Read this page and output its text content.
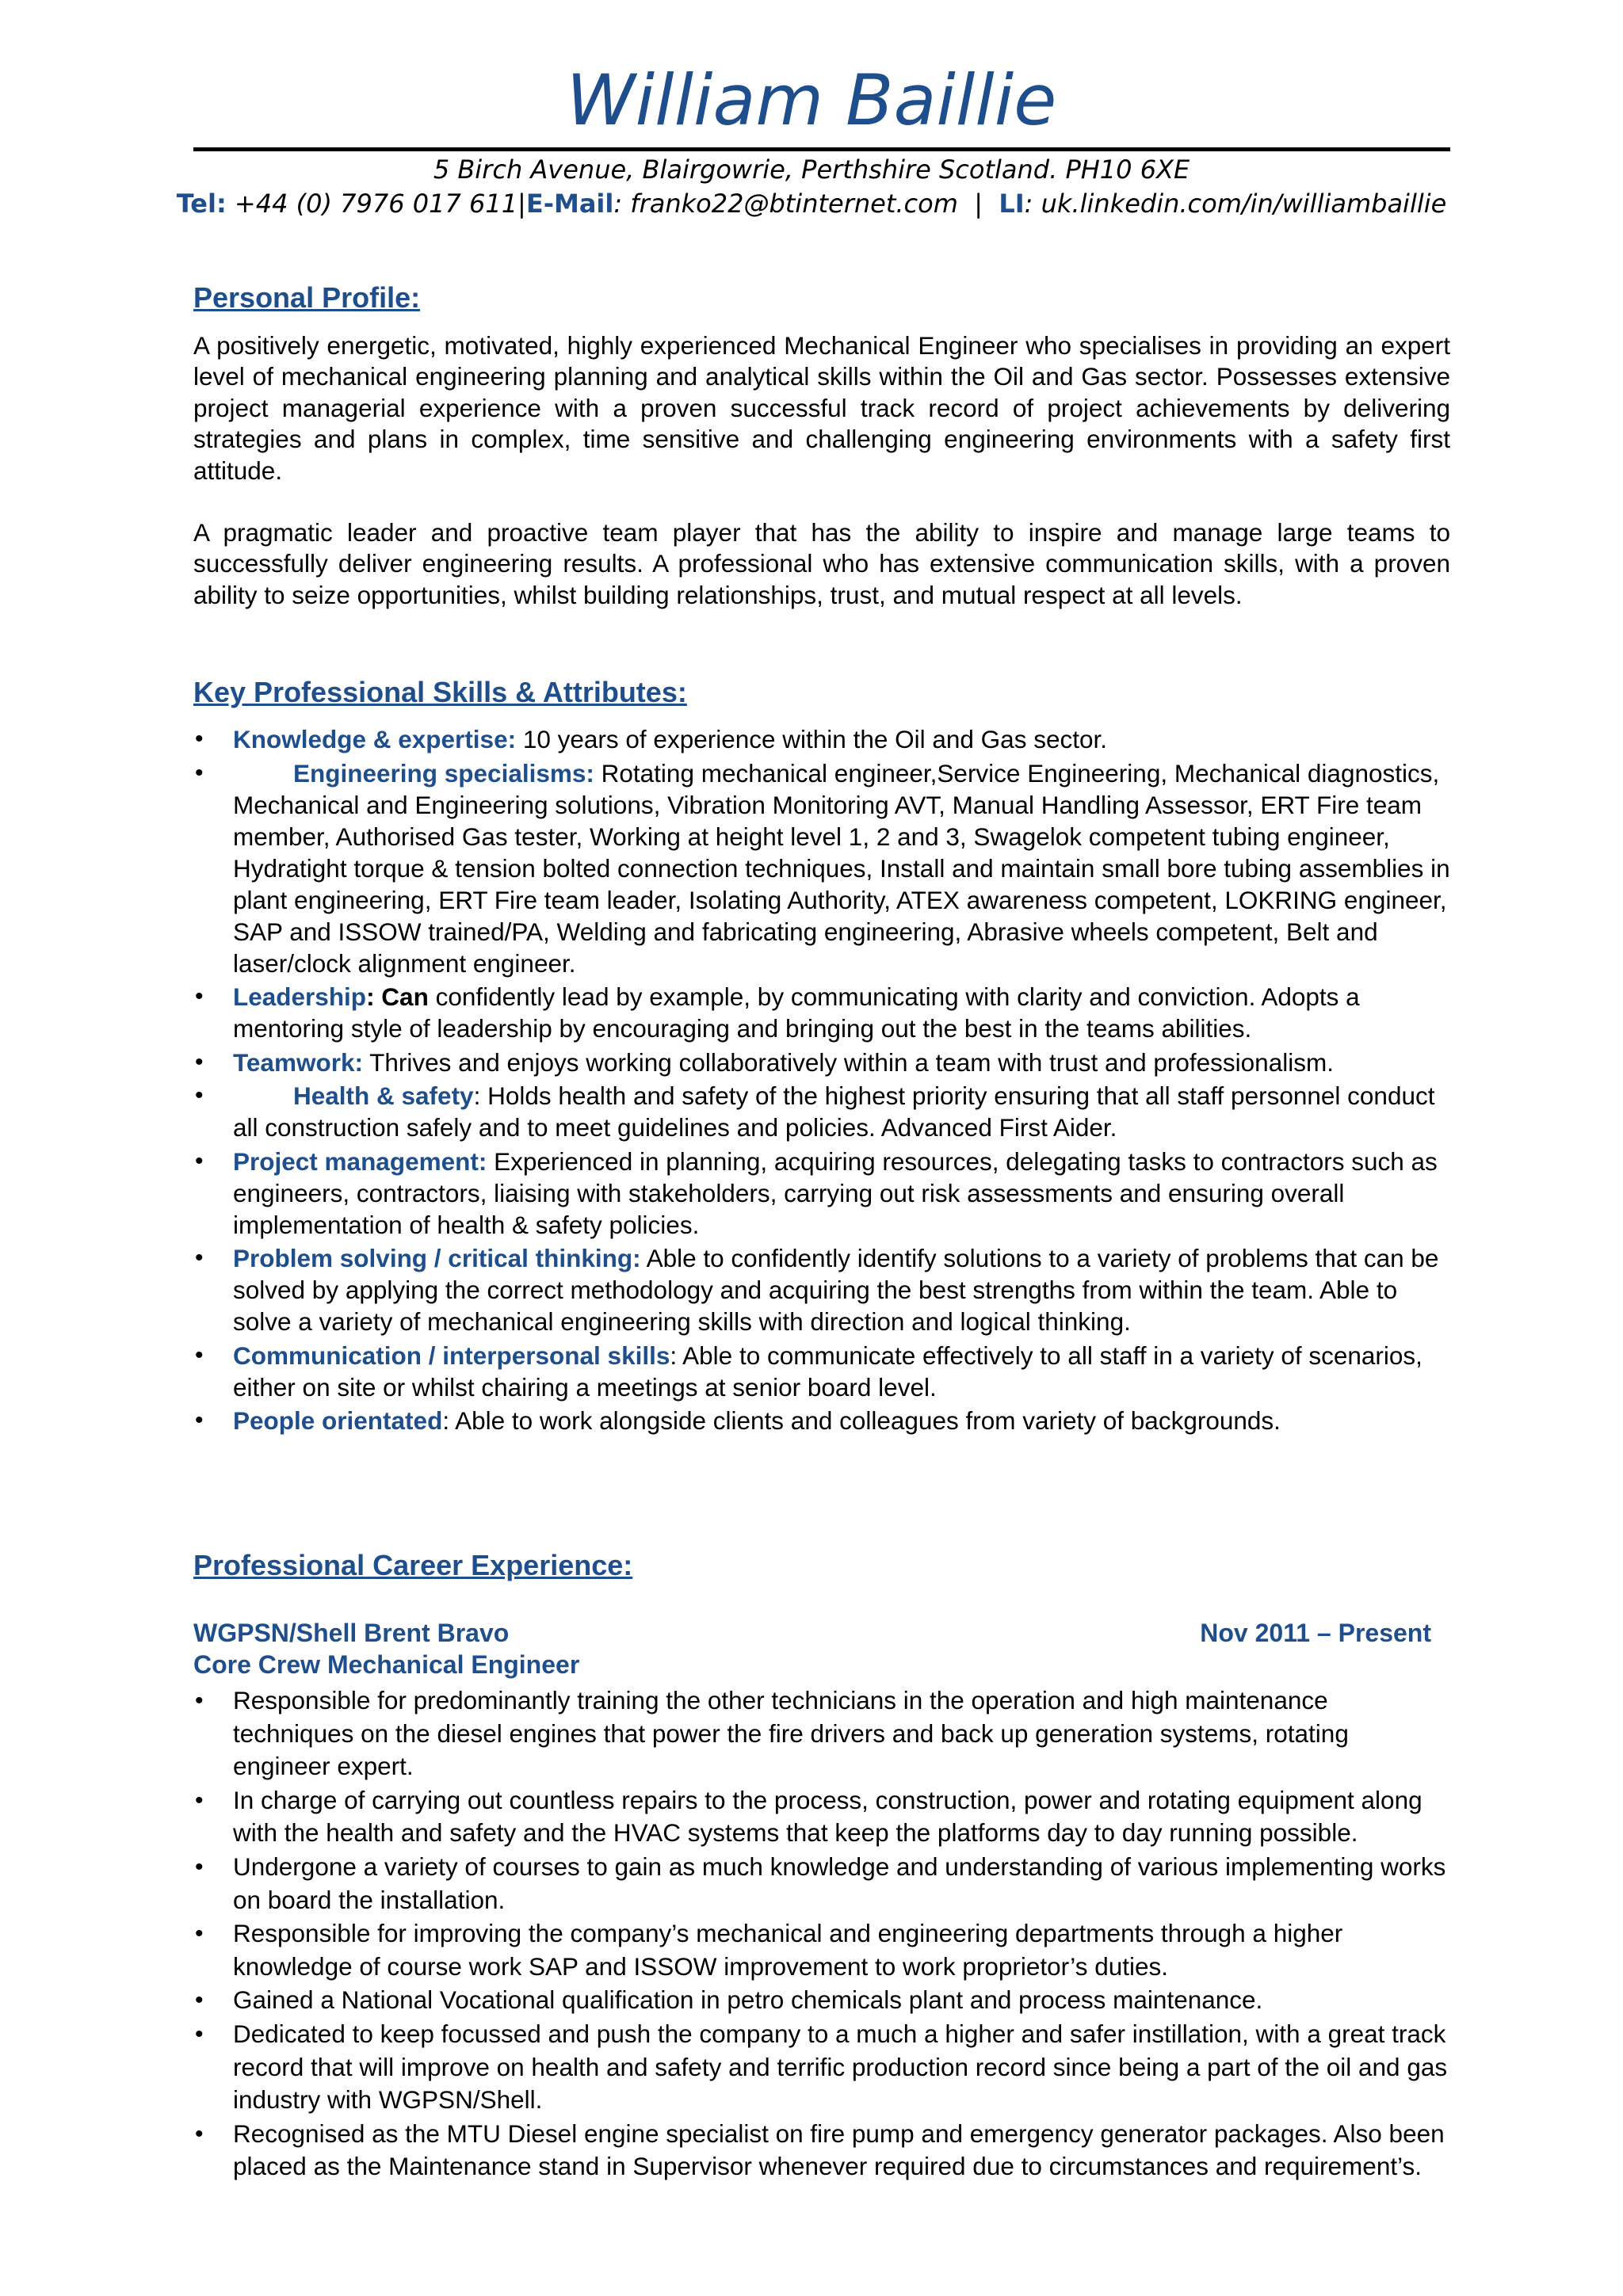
William Baillie
5 Birch Avenue, Blairgowrie, Perthshire Scotland. PH10 6XE
Tel: +44 (0) 7976 017 611|E-Mail: franko22@btinternet.com  |  LI: uk.linkedin.com/in/williambaillie
Personal Profile:

A positively energetic, motivated, highly experienced Mechanical Engineer who specialises in providing an expert level of mechanical engineering planning and analytical skills within the Oil and Gas sector. Possesses extensive project managerial experience with a proven successful track record of project achievements by delivering strategies and plans in complex, time sensitive and challenging engineering environments with a safety first attitude.

A pragmatic leader and proactive team player that has the ability to inspire and manage large teams to successfully deliver engineering results. A professional who has extensive communication skills, with a proven ability to seize opportunities, whilst building relationships, trust, and mutual respect at all levels.

Key Professional Skills & Attributes:
• Knowledge & expertise: 10 years of experience within the Oil and Gas sector.
• Engineering specialisms: Rotating mechanical engineer,Service Engineering, Mechanical diagnostics, Mechanical and Engineering solutions, Vibration Monitoring AVT, Manual Handling Assessor, ERT Fire team member, Authorised Gas tester, Working at height level 1, 2 and 3, Swagelok competent tubing engineer, Hydratight torque & tension bolted connection techniques, Install and maintain small bore tubing assemblies in plant engineering, ERT Fire team leader, Isolating Authority, ATEX awareness competent, LOKRING engineer, SAP and ISSOW trained/PA, Welding and fabricating engineering, Abrasive wheels competent, Belt and laser/clock alignment engineer.
• Leadership: Can confidently lead by example, by communicating with clarity and conviction. Adopts a mentoring style of leadership by encouraging and bringing out the best in the teams abilities.
• Teamwork: Thrives and enjoys working collaboratively within a team with trust and professionalism.
• Health & safety: Holds health and safety of the highest priority ensuring that all staff personnel conduct all construction safely and to meet guidelines and policies. Advanced First Aider.
• Project management: Experienced in planning, acquiring resources, delegating tasks to contractors such as engineers, contractors, liaising with stakeholders, carrying out risk assessments and ensuring overall implementation of health & safety policies.
• Problem solving / critical thinking: Able to confidently identify solutions to a variety of problems that can be solved by applying the correct methodology and acquiring the best strengths from within the team. Able to solve a variety of mechanical engineering skills with direction and logical thinking.
• Communication / interpersonal skills: Able to communicate effectively to all staff in a variety of scenarios, either on site or whilst chairing a meetings at senior board level.
• People orientated: Able to work alongside clients and colleagues from variety of backgrounds.
Professional Career Experience:
WGPSN/Shell Brent Bravo	Nov 2011 – Present
Core Crew Mechanical Engineer
• Responsible for predominantly training the other technicians in the operation and high maintenance techniques on the diesel engines that power the fire drivers and back up generation systems, rotating engineer expert.
• In charge of carrying out countless repairs to the process, construction, power and rotating equipment along with the health and safety and the HVAC systems that keep the platforms day to day running possible.
• Undergone a variety of courses to gain as much knowledge and understanding of various implementing works on board the installation.
• Responsible for improving the company’s mechanical and engineering departments through a higher knowledge of course work SAP and ISSOW improvement to work proprietor’s duties.
• Gained a National Vocational qualification in petro chemicals plant and process maintenance.
• Dedicated to keep focussed and push the company to a much a higher and safer instillation, with a great track record that will improve on health and safety and terrific production record since being a part of the oil and gas industry with WGPSN/Shell.
• Recognised as the MTU Diesel engine specialist on fire pump and emergency generator packages. Also been placed as the Maintenance stand in Supervisor whenever required due to circumstances and requirement’s.
